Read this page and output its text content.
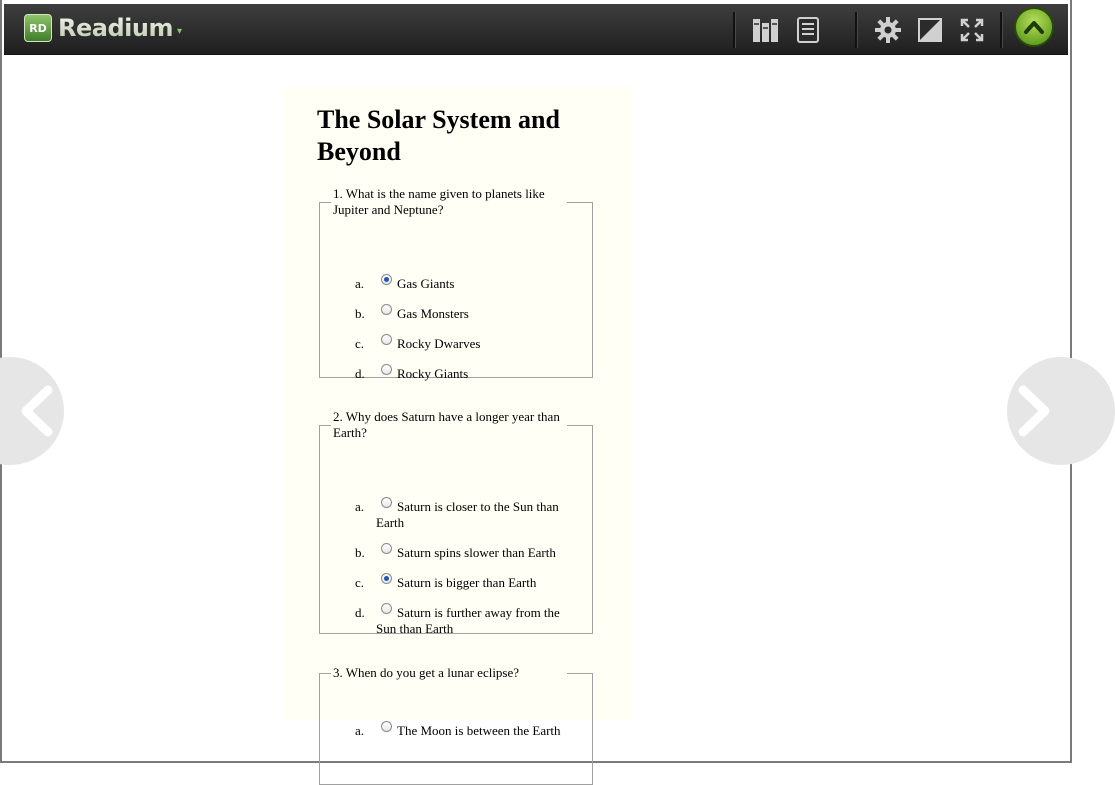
RD Readium ▾
The Solar System and Beyond
1. What is the name given to planets like Jupiter and Neptune?
a.	Gas Giants
b.	Gas Monsters
c.	Rocky Dwarves
d.	Rocky Giants
2. Why does Saturn have a longer year than Earth?
a.	Saturn is closer to the Sun than Earth
b.	Saturn spins slower than Earth
c.	Saturn is bigger than Earth
d.	Saturn is further away from the Sun than Earth
3. When do you get a lunar eclipse?
a.	The Moon is between the Earth
